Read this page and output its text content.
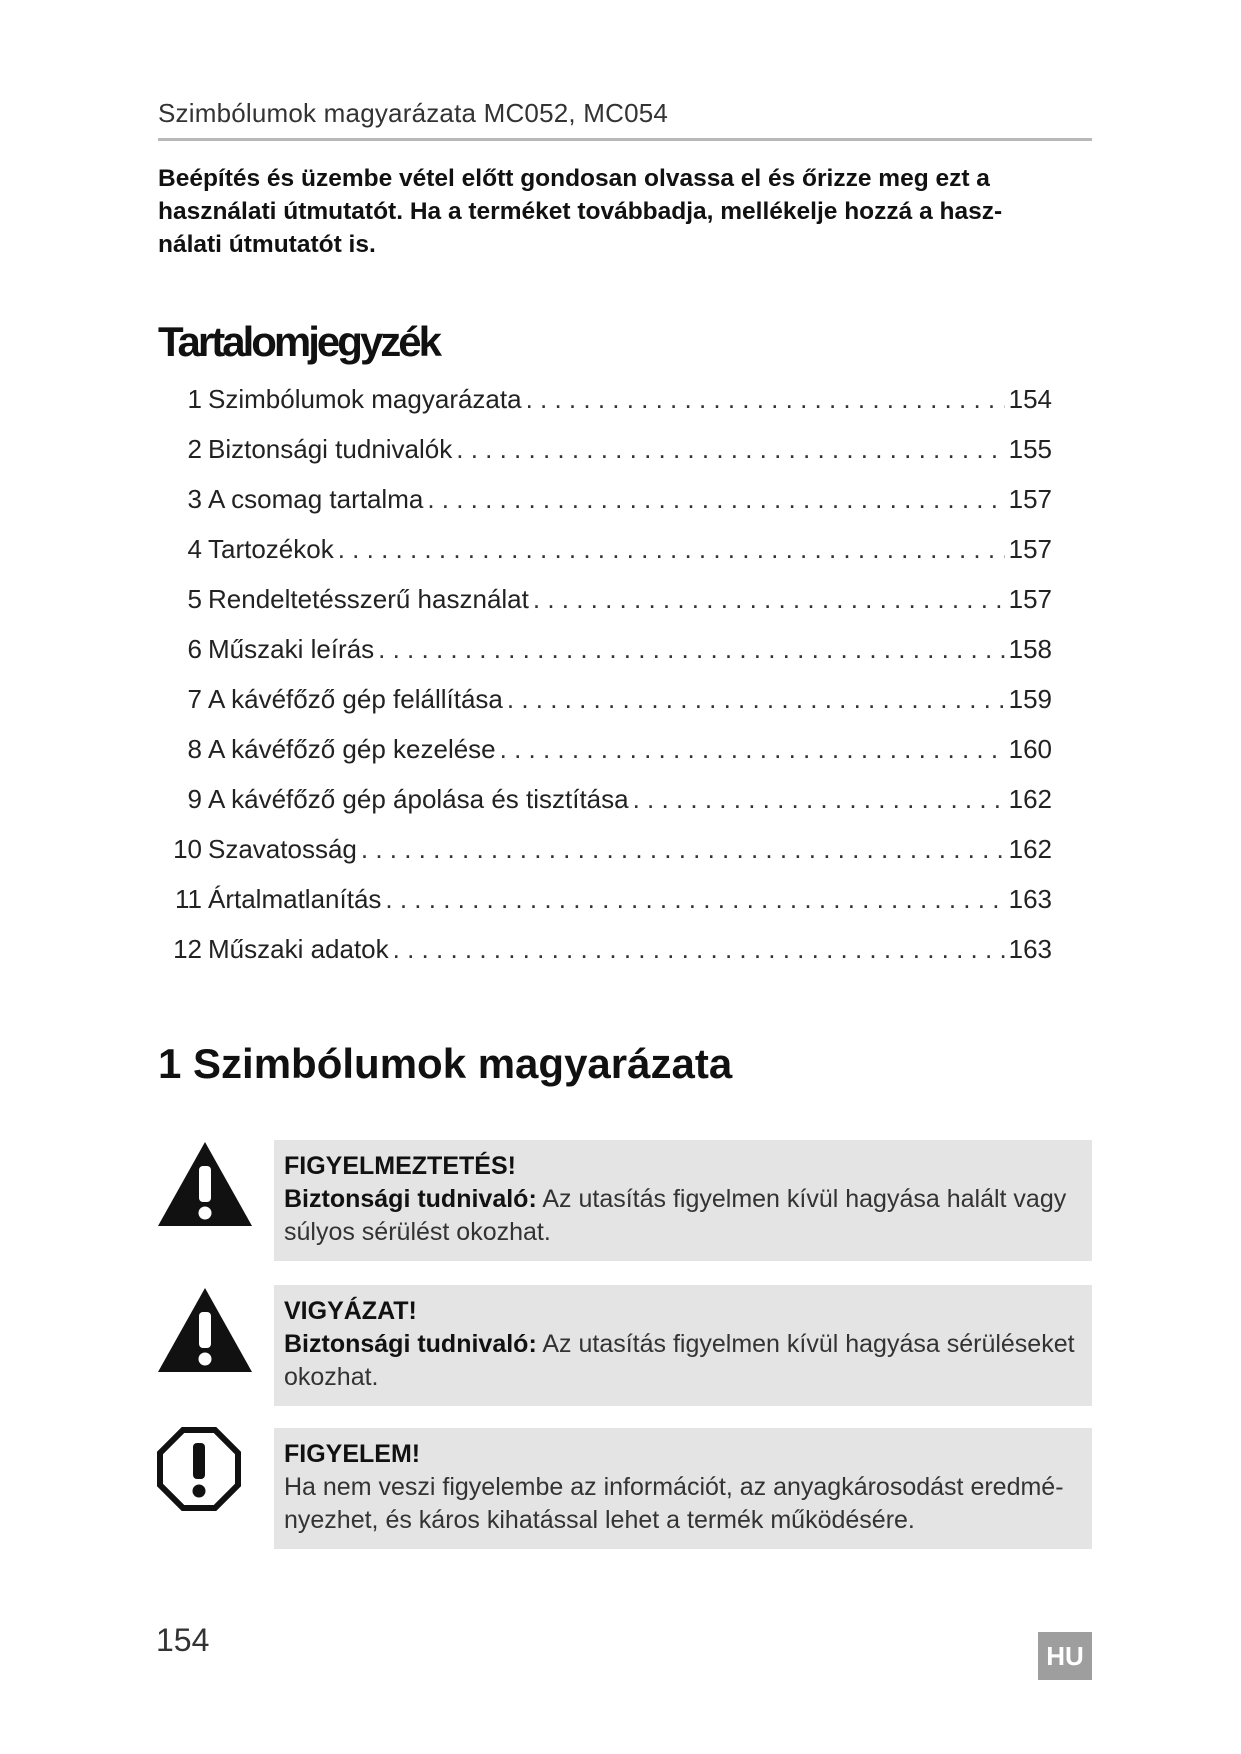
Szimbólumok magyarázata MC052, MC054
Beépítés és üzembe vétel előtt gondosan olvassa el és őrizze meg ezt a
használati útmutatót. Ha a terméket továbbadja, mellékelje hozzá a hasz-
nálati útmutatót is.
Tartalomjegyzék
1 Szimbólumok magyarázata . . .	154
2 Biztonsági tudnivalók . . .	155
3 A csomag tartalma . . .	157
4 Tartozékok . . .	157
5 Rendeltetésszerű használat . . .	157
6 Műszaki leírás . . .	158
7 A kávéfőző gép felállítása . . .	159
8 A kávéfőző gép kezelése . . .	160
9 A kávéfőző gép ápolása és tisztítása . . .	162
10 Szavatosság . . .	162
11 Ártalmatlanítás . . .	163
12 Műszaki adatok . . .	163
1 Szimbólumok magyarázata
FIGYELMEZTETÉS!
Biztonsági tudnivaló: Az utasítás figyelmen kívül hagyása halált vagy
súlyos sérülést okozhat.
VIGYÁZAT!
Biztonsági tudnivaló: Az utasítás figyelmen kívül hagyása sérüléseket
okozhat.
FIGYELEM!
Ha nem veszi figyelembe az információt, az anyagkárosodást eredmé-
nyezhet, és káros kihatással lehet a termék működésére.
154	HU
